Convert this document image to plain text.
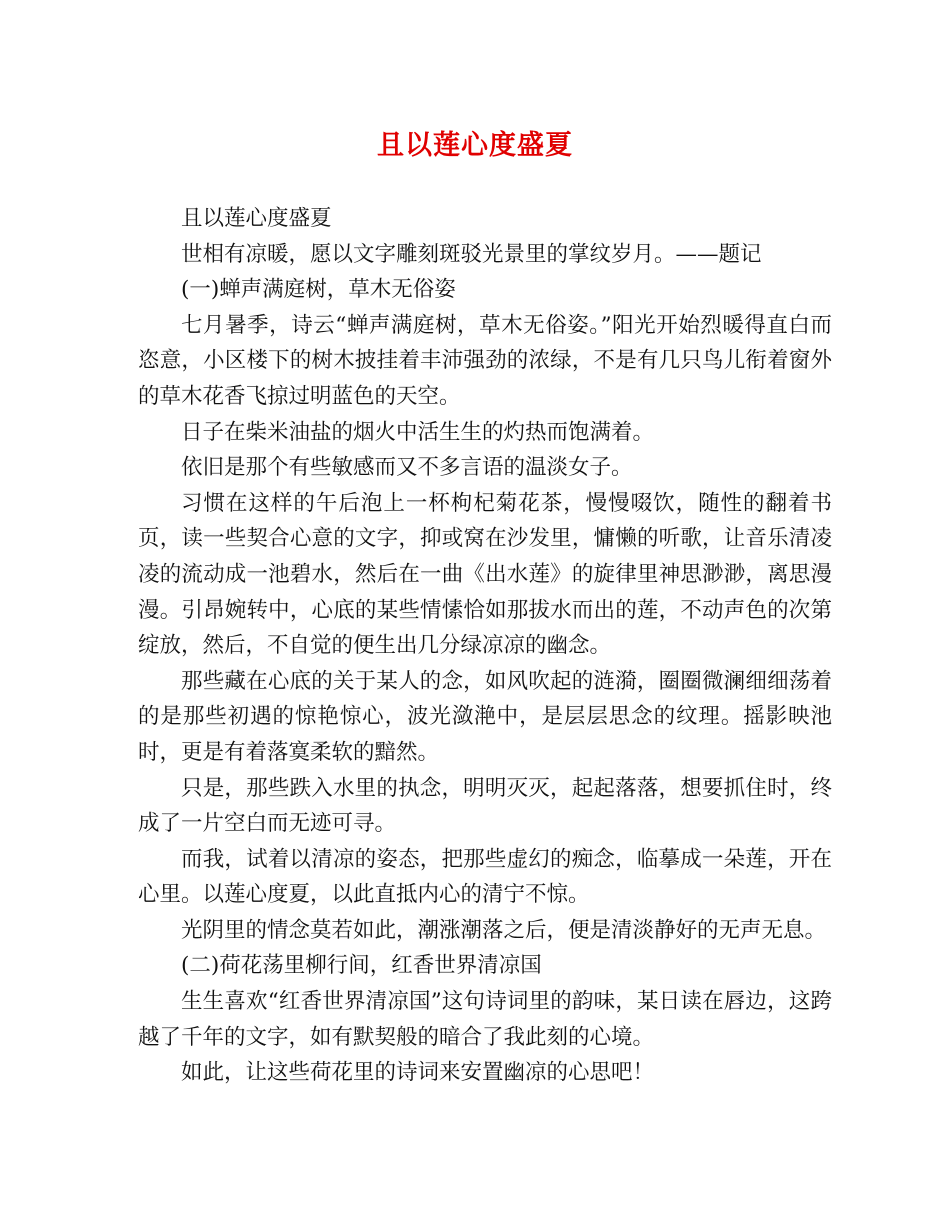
且以莲心度盛夏

且以莲心度盛夏

世相有凉暖，愿以文字雕刻斑驳光景里的掌纹岁月。——题记

(一)蝉声满庭树，草木无俗姿

七月暑季，诗云“蝉声满庭树，草木无俗姿。”阳光开始烈暖得直白而恣意，小区楼下的树木披挂着丰沛强劲的浓绿，不是有几只鸟儿衔着窗外的草木花香飞掠过明蓝色的天空。

日子在柴米油盐的烟火中活生生的灼热而饱满着。

依旧是那个有些敏感而又不多言语的温淡女子。

习惯在这样的午后泡上一杯枸杞菊花茶，慢慢啜饮，随性的翻着书页，读一些契合心意的文字，抑或窝在沙发里，慵懒的听歌，让音乐清凌凌的流动成一池碧水，然后在一曲《出水莲》的旋律里神思渺渺，离思漫漫。引昂婉转中，心底的某些情愫恰如那拔水而出的莲，不动声色的次第绽放，然后，不自觉的便生出几分绿凉凉的幽念。

那些藏在心底的关于某人的念，如风吹起的涟漪，圈圈微澜细细荡着的是那些初遇的惊艳惊心，波光潋滟中，是层层思念的纹理。摇影映池时，更是有着落寞柔软的黯然。

只是，那些跌入水里的执念，明明灭灭，起起落落，想要抓住时，终成了一片空白而无迹可寻。

而我，试着以清凉的姿态，把那些虚幻的痴念，临摹成一朵莲，开在心里。以莲心度夏，以此直抵内心的清宁不惊。

光阴里的情念莫若如此，潮涨潮落之后，便是清淡静好的无声无息。

(二)荷花荡里柳行间，红香世界清凉国

生生喜欢“红香世界清凉国”这句诗词里的韵味，某日读在唇边，这跨越了千年的文字，如有默契般的暗合了我此刻的心境。

如此，让这些荷花里的诗词来安置幽凉的心思吧！
